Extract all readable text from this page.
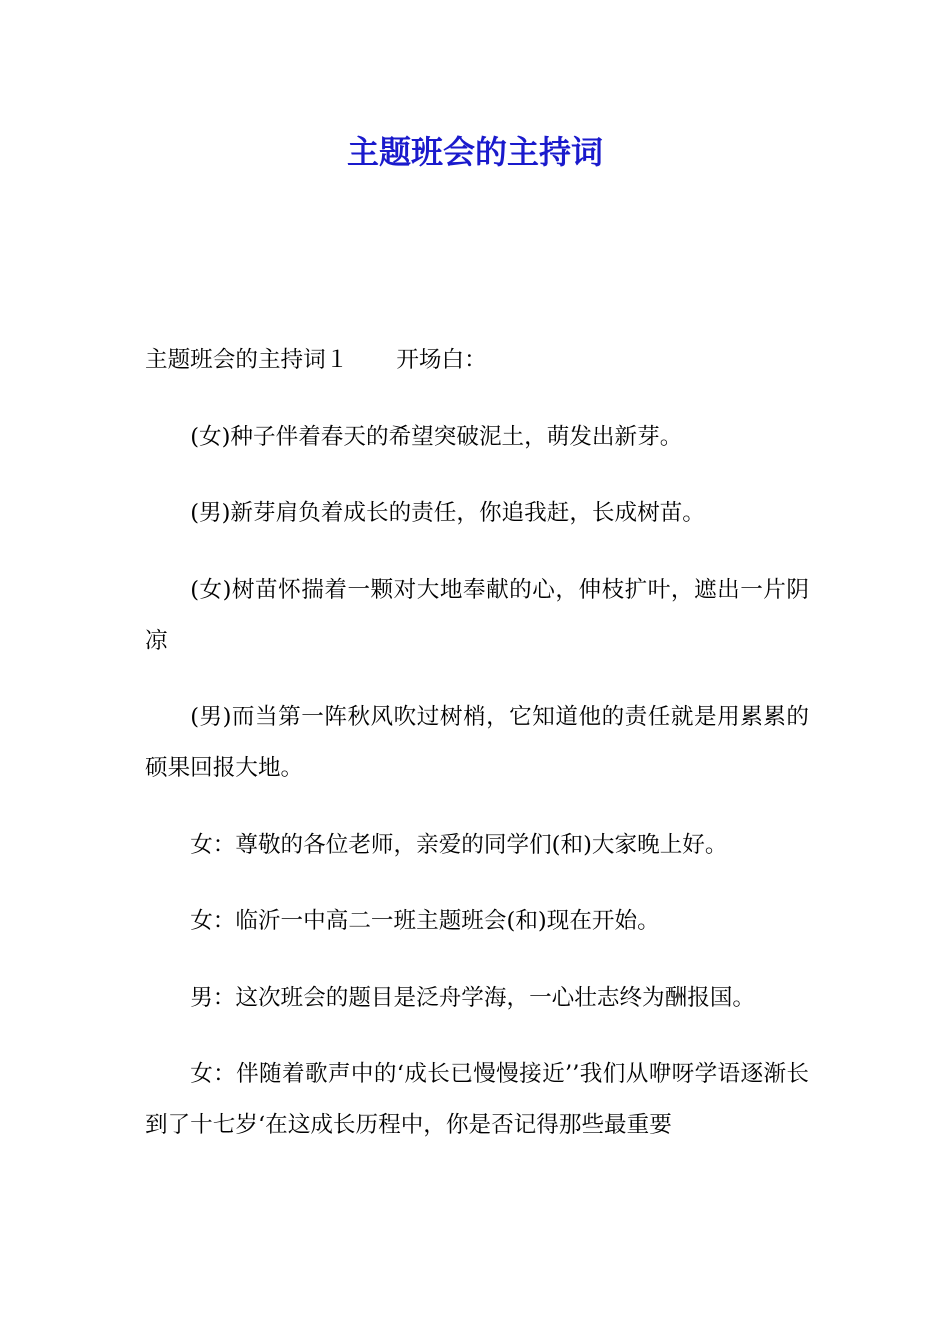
主题班会的主持词

主题班会的主持词１ 开场白：

(女)种子伴着春天的希望突破泥土，萌发出新芽。

(男)新芽肩负着成长的责任，你追我赶，长成树苗。

(女)树苗怀揣着一颗对大地奉献的心，伸枝扩叶，遮出一片阴凉

(男)而当第一阵秋风吹过树梢，它知道他的责任就是用累累的硕果回报大地。

女：尊敬的各位老师，亲爱的同学们(和)大家晚上好。

女：临沂一中高二一班主题班会(和)现在开始。

男：这次班会的题目是泛舟学海，一心壮志终为酬报国。

女：伴随着歌声中的‘成长已慢慢接近’’我们从咿呀学语逐渐长到了十七岁‘在这成长历程中，你是否记得那些最重要
